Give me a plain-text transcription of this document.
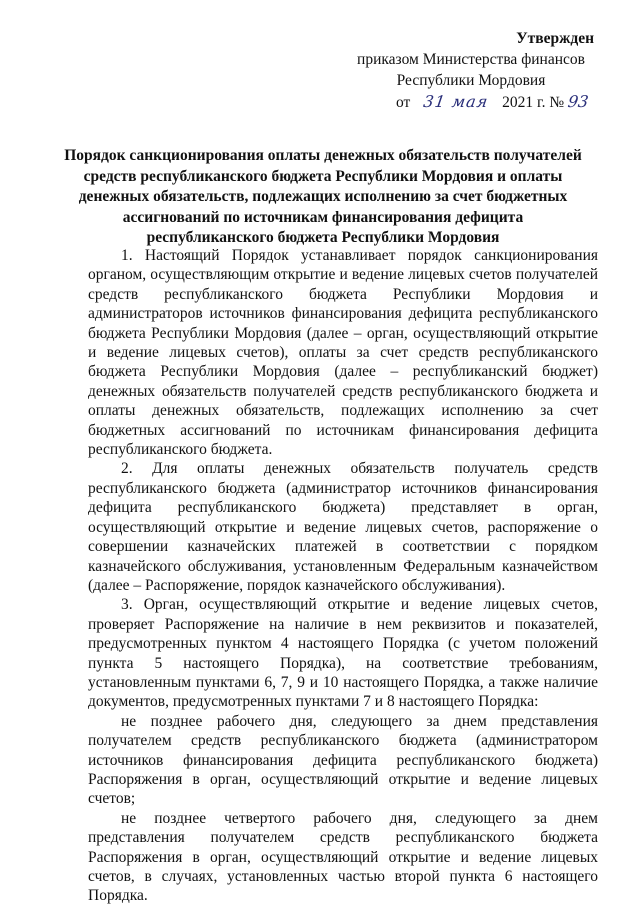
Утвержден
приказом Министерства финансов
Республики Мордовия
от 31 мая 2021 г. № 93
Порядок санкционирования оплаты денежных обязательств получателей средств республиканского бюджета Республики Мордовия и оплаты денежных обязательств, подлежащих исполнению за счет бюджетных ассигнований по источникам финансирования дефицита республиканского бюджета Республики Мордовия

1. Настоящий Порядок устанавливает порядок санкционирования органом, осуществляющим открытие и ведение лицевых счетов получателей средств республиканского бюджета Республики Мордовия и администраторов источников финансирования дефицита республиканского бюджета Республики Мордовия (далее – орган, осуществляющий открытие и ведение лицевых счетов), оплаты за счет средств республиканского бюджета Республики Мордовия (далее – республиканский бюджет) денежных обязательств получателей средств республиканского бюджета и оплаты денежных обязательств, подлежащих исполнению за счет бюджетных ассигнований по источникам финансирования дефицита республиканского бюджета.

2. Для оплаты денежных обязательств получатель средств республиканского бюджета (администратор источников финансирования дефицита республиканского бюджета) представляет в орган, осуществляющий открытие и ведение лицевых счетов, распоряжение о совершении казначейских платежей в соответствии с порядком казначейского обслуживания, установленным Федеральным казначейством (далее – Распоряжение, порядок казначейского обслуживания).

3. Орган, осуществляющий открытие и ведение лицевых счетов, проверяет Распоряжение на наличие в нем реквизитов и показателей, предусмотренных пунктом 4 настоящего Порядка (с учетом положений пункта 5 настоящего Порядка), на соответствие требованиям, установленным пунктами 6, 7, 9 и 10 настоящего Порядка, а также наличие документов, предусмотренных пунктами 7 и 8 настоящего Порядка:

не позднее рабочего дня, следующего за днем представления получателем средств республиканского бюджета (администратором источников финансирования дефицита республиканского бюджета) Распоряжения в орган, осуществляющий открытие и ведение лицевых счетов;

не позднее четвертого рабочего дня, следующего за днем представления получателем средств республиканского бюджета Распоряжения в орган, осуществляющий открытие и ведение лицевых счетов, в случаях, установленных частью второй пункта 6 настоящего Порядка.
